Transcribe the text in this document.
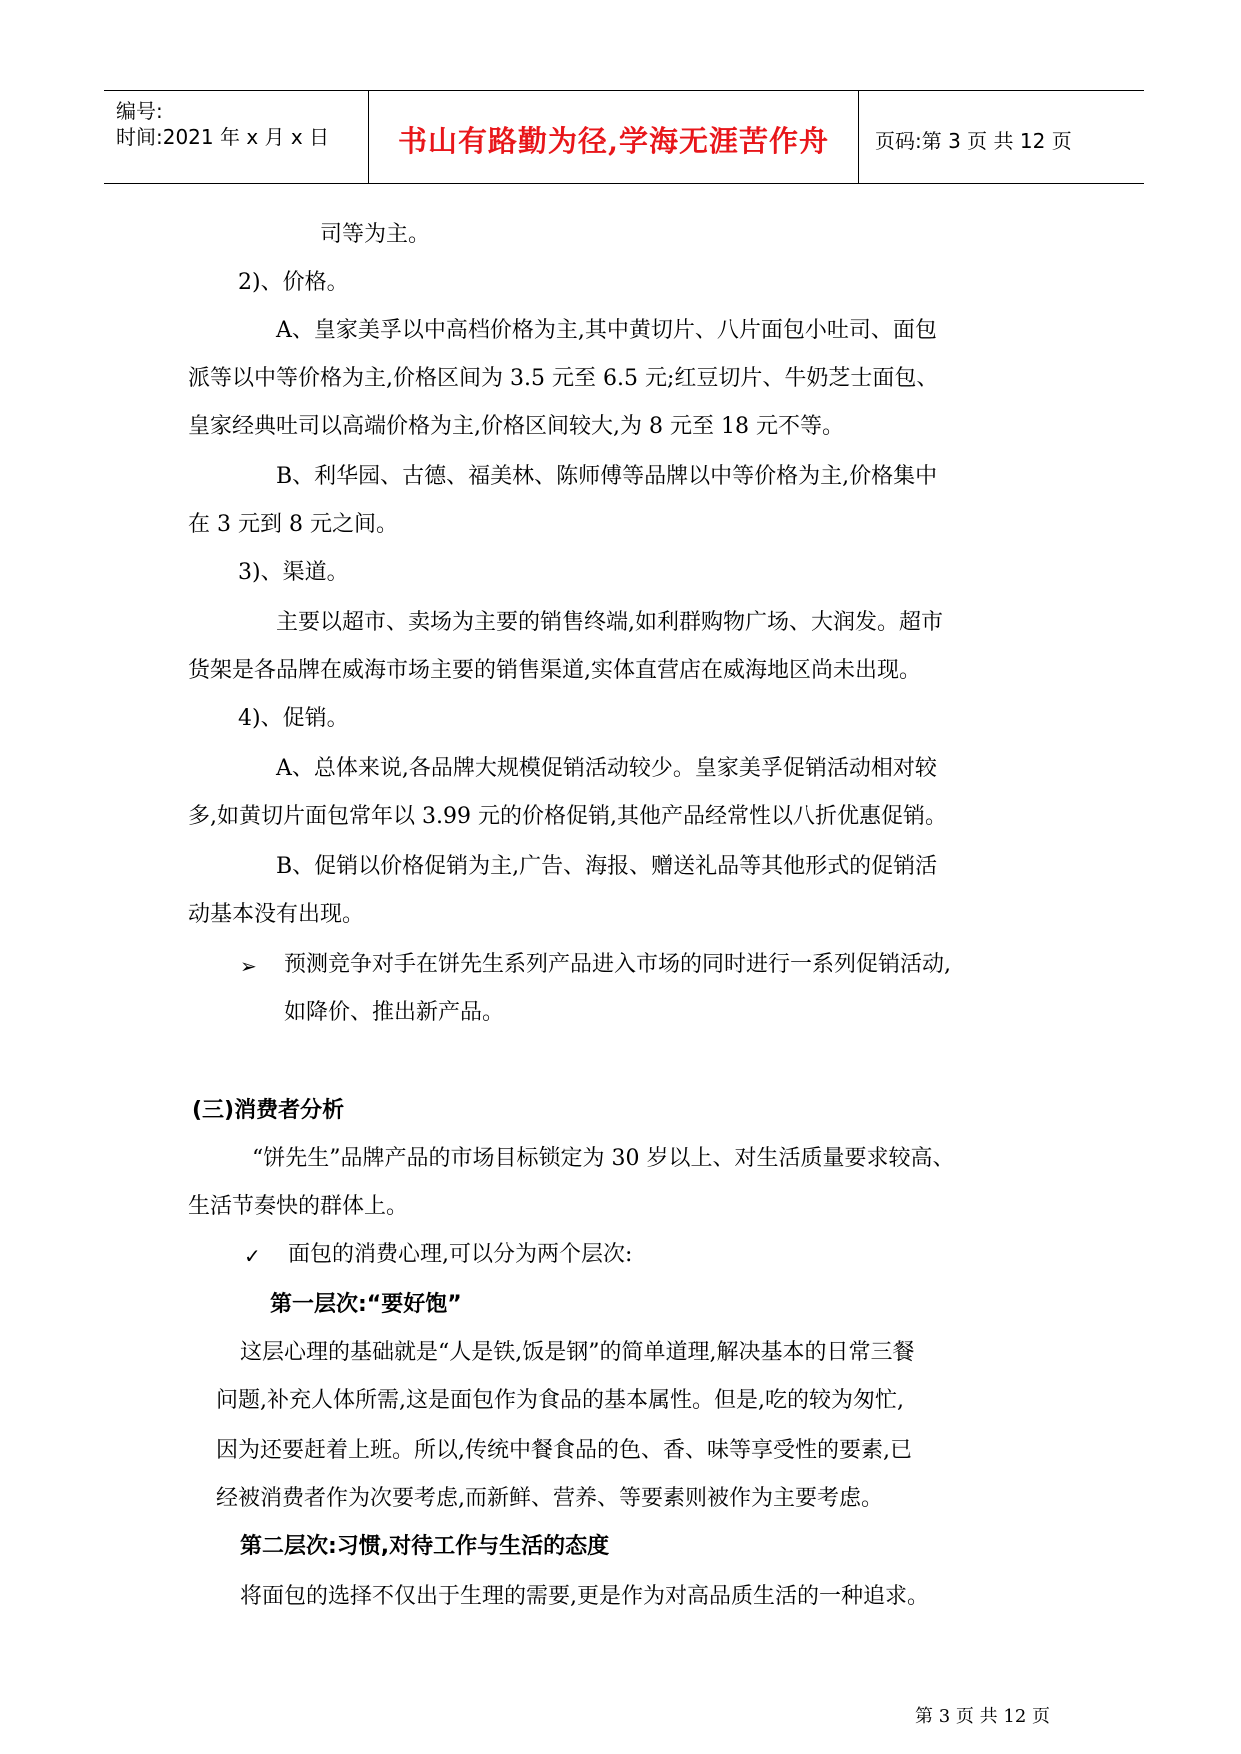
编号:
时间:2021 年 x 月 x 日	书山有路勤为径,学海无涯苦作舟	页码:第 3 页 共 12 页
司等为主。
2)、价格。
A、皇家美孚以中高档价格为主,其中黄切片、八片面包小吐司、面包
派等以中等价格为主,价格区间为 3.5 元至 6.5 元;红豆切片、牛奶芝士面包、
皇家经典吐司以高端价格为主,价格区间较大,为 8 元至 18 元不等。
B、利华园、古德、福美林、陈师傅等品牌以中等价格为主,价格集中
在 3 元到 8 元之间。
3)、渠道。
主要以超市、卖场为主要的销售终端,如利群购物广场、大润发。超市
货架是各品牌在威海市场主要的销售渠道,实体直营店在威海地区尚未出现。
4)、促销。
A、总体来说,各品牌大规模促销活动较少。皇家美孚促销活动相对较
多,如黄切片面包常年以 3.99 元的价格促销,其他产品经常性以八折优惠促销。
B、促销以价格促销为主,广告、海报、赠送礼品等其他形式的促销活
动基本没有出现。
➢ 预测竞争对手在饼先生系列产品进入市场的同时进行一系列促销活动,
如降价、推出新产品。
(三)消费者分析
“饼先生”品牌产品的市场目标锁定为 30 岁以上、对生活质量要求较高、
生活节奏快的群体上。
✓ 面包的消费心理,可以分为两个层次:
第一层次:“要好饱”
这层心理的基础就是“人是铁,饭是钢”的简单道理,解决基本的日常三餐
问题,补充人体所需,这是面包作为食品的基本属性。但是,吃的较为匆忙,
因为还要赶着上班。所以,传统中餐食品的色、香、味等享受性的要素,已
经被消费者作为次要考虑,而新鲜、营养、等要素则被作为主要考虑。
第二层次:习惯,对待工作与生活的态度
将面包的选择不仅出于生理的需要,更是作为对高品质生活的一种追求。
第 3 页 共 12 页
